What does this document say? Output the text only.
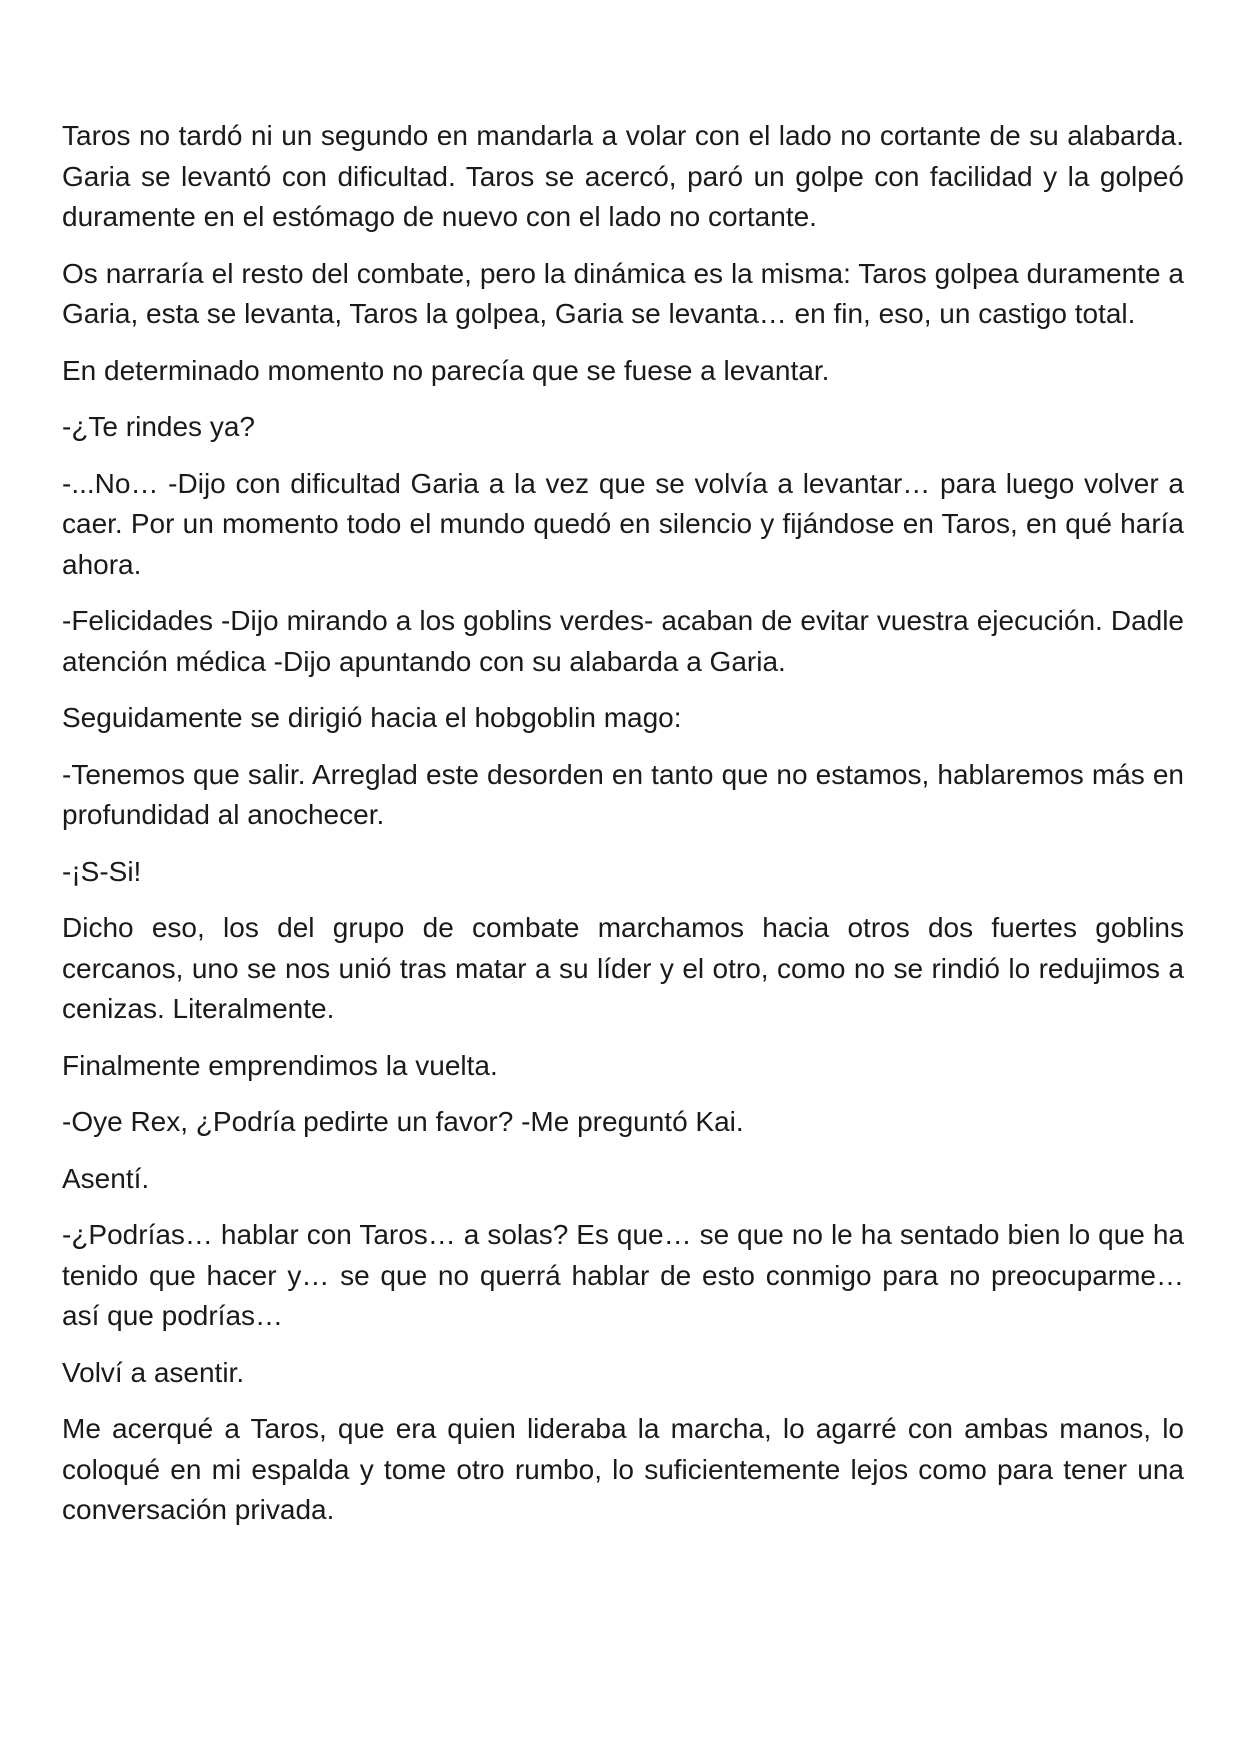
Taros no tardó ni un segundo en mandarla a volar con el lado no cortante de su alabarda. Garia se levantó con dificultad. Taros se acercó, paró un golpe con facilidad y la golpeó duramente en el estómago de nuevo con el lado no cortante.

Os narraría el resto del combate, pero la dinámica es la misma: Taros golpea duramente a Garia, esta se levanta, Taros la golpea, Garia se levanta… en fin, eso, un castigo total.

En determinado momento no parecía que se fuese a levantar.

-¿Te rindes ya?

-...No… -Dijo con dificultad Garia a la vez que se volvía a levantar… para luego volver a caer. Por un momento todo el mundo quedó en silencio y fijándose en Taros, en qué haría ahora.

-Felicidades -Dijo mirando a los goblins verdes- acaban de evitar vuestra ejecución. Dadle atención médica -Dijo apuntando con su alabarda a Garia.

Seguidamente se dirigió hacia el hobgoblin mago:

-Tenemos que salir. Arreglad este desorden en tanto que no estamos, hablaremos más en profundidad al anochecer.

-¡S-Si!

Dicho eso, los del grupo de combate marchamos hacia otros dos fuertes goblins cercanos, uno se nos unió tras matar a su líder y el otro, como no se rindió lo redujimos a cenizas. Literalmente.

Finalmente emprendimos la vuelta.

-Oye Rex, ¿Podría pedirte un favor? -Me preguntó Kai.

Asentí.

-¿Podrías… hablar con Taros… a solas? Es que… se que no le ha sentado bien lo que ha tenido que hacer y… se que no querrá hablar de esto conmigo para no preocuparme… así que podrías…

Volví a asentir.

Me acerqué a Taros, que era quien lideraba la marcha, lo agarré con ambas manos, lo coloqué en mi espalda y tome otro rumbo, lo suficientemente lejos como para tener una conversación privada.
